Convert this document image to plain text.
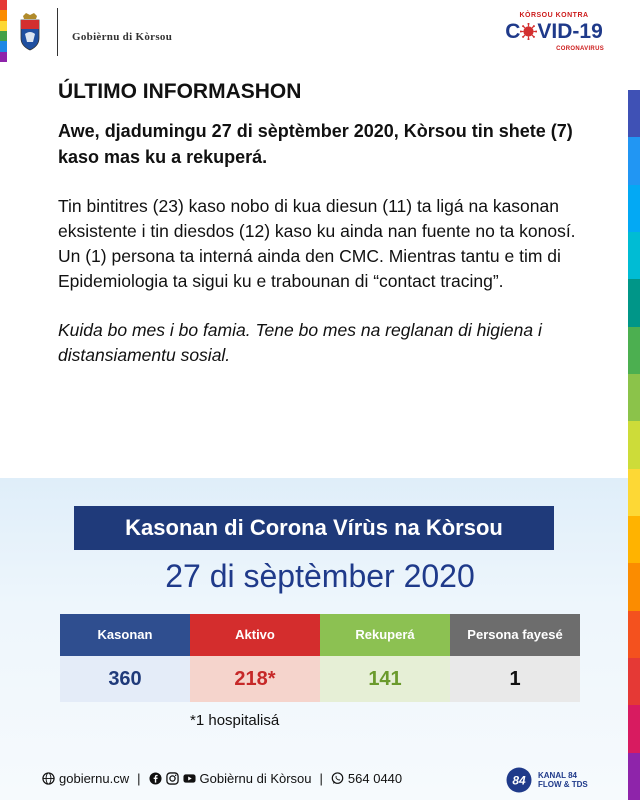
Gobièrnu di Kòrsou
KÒRSOU KONTRA
C VID-19
CORONAVIRUS
ÚLTIMO INFORMASHON

Awe, djadumingu 27 di sèptèmber 2020, Kòrsou tin shete (7) kaso mas ku a rekuperá.

Tin bintitres (23) kaso nobo di kua diesun (11) ta ligá na kasonan eksistente i tin diesdos (12) kaso ku ainda nan fuente no ta konosí. Un (1) persona ta interná ainda den CMC. Mientras tantu e tim di Epidemiologia ta sigui ku e trabounan di “contact tracing”.

Kuida bo mes i bo famia. Tene bo mes na reglanan di higiena i distansiamentu sosial.

Kasonan di Corona Vírùs na Kòrsou
27 di sèptèmber 2020
Kasonan
360
Aktivo
218*
Rekuperá
141
Persona fayesé
1
*1 hospitalisá
gobiernu.cw |	Gobièrnu di Kòrsou | 564 0440	84 KANAL 84
FLOW & TDS
